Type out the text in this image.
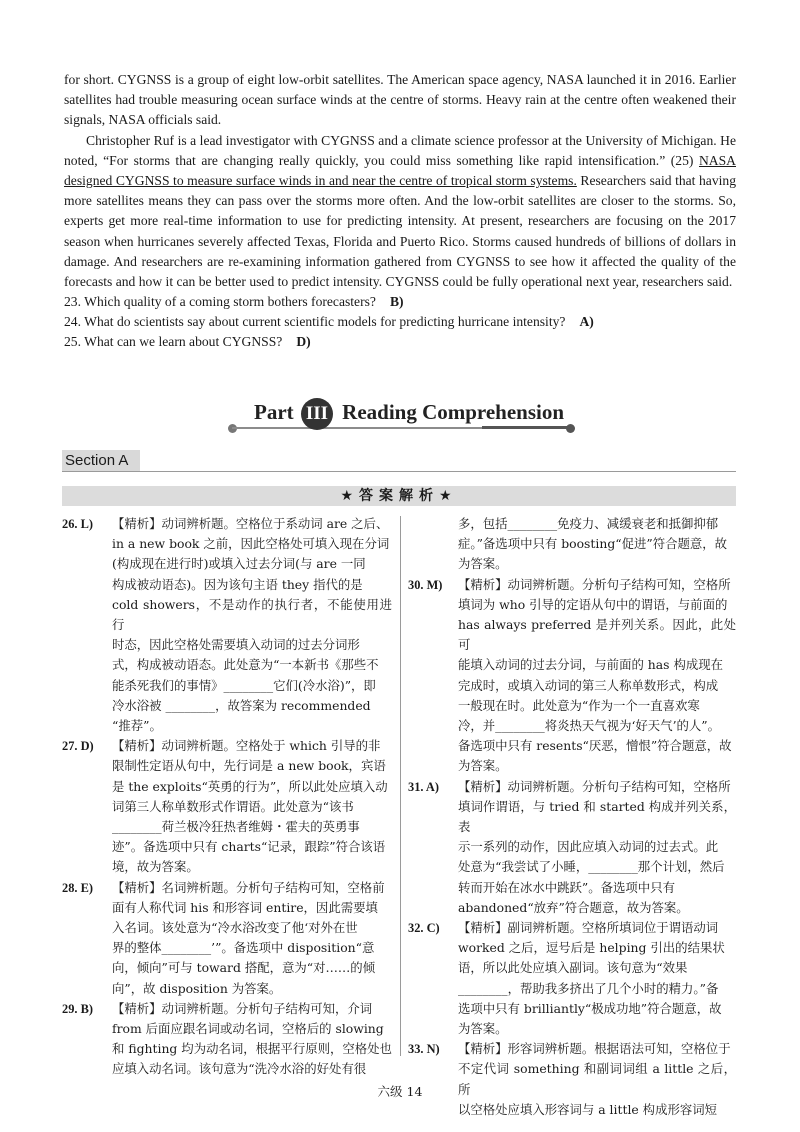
for short. CYGNSS is a group of eight low-orbit satellites. The American space agency, NASA launched it in 2016. Earlier satellites had trouble measuring ocean surface winds at the centre of storms. Heavy rain at the centre often weakened their signals, NASA officials said.

Christopher Ruf is a lead investigator with CYGNSS and a climate science professor at the University of Michigan. He noted, “For storms that are changing really quickly, you could miss something like rapid intensification.” (25) NASA designed CYGNSS to measure surface winds in and near the centre of tropical storm systems. Researchers said that having more satellites means they can pass over the storms more often. And the low-orbit satellites are closer to the storms. So, experts get more real-time information to use for predicting intensity. At present, researchers are focusing on the 2017 season when hurricanes severely affected Texas, Florida and Puerto Rico. Storms caused hundreds of billions of dollars in damage. And researchers are re-examining information gathered from CYGNSS to see how it affected the quality of the forecasts and how it can be better used to predict intensity. CYGNSS could be fully operational next year, researchers said.

23. Which quality of a coming storm bothers forecasters? B)
24. What do scientists say about current scientific models for predicting hurricane intensity? A)
25. What can we learn about CYGNSS? D)
Part III Reading Comprehension
Section A
★答案解析★
26. L) 【精析】动词辨析题。空格位于系动词 are 之后、
in a new book 之前，因此空格处可填入现在分词
(构成现在进行时)或填入过去分词(与 are 一同
构成被动语态)。因为该句主语 they 指代的是
cold showers，不是动作的执行者，不能使用进行
时态，因此空格处需要填入动词的过去分词形
式，构成被动语态。此处意为“一本新书《那些不
能杀死我们的事情》________它们(冷水浴)”，即
冷水浴被 ________，故答案为 recommended
“推荐”。
27. D) 【精析】动词辨析题。空格处于 which 引导的非
限制性定语从句中，先行词是 a new book，宾语
是 the exploits“英勇的行为”，所以此处应填入动
词第三人称单数形式作谓语。此处意为“该书
________荷兰极冷狂热者维姆・霍夫的英勇事
迹”。备选项中只有 charts“记录，跟踪”符合该语
境，故为答案。
28. E) 【精析】名词辨析题。分析句子结构可知，空格前
面有人称代词 his 和形容词 entire，因此需要填
入名词。该处意为“冷水浴改变了他‘对外在世
界的整体________’”。备选项中 disposition“意
向，倾向”可与 toward 搭配，意为“对……的倾
向”，故 disposition 为答案。
29. B) 【精析】动词辨析题。分析句子结构可知，介词
from 后面应跟名词或动名词，空格后的 slowing
和 fighting 均为动名词，根据平行原则，空格处也
应填入动名词。该句意为“洗冷水浴的好处有很
多，包括________免疫力、减缓衰老和抵御抑郁
症。”备选项中只有 boosting“促进”符合题意，故
为答案。
30. M) 【精析】动词辨析题。分析句子结构可知，空格所
填词为 who 引导的定语从句中的谓语，与前面的
has always preferred 是并列关系。因此，此处可
能填入动词的过去分词，与前面的 has 构成现在
完成时，或填入动词的第三人称单数形式，构成
一般现在时。此处意为“作为一个一直喜欢寒
冷，并________将炎热天气视为‘好天气’的人”。
备选项中只有 resents“厌恶，憎恨”符合题意，故
为答案。
31. A) 【精析】动词辨析题。分析句子结构可知，空格所
填词作谓语，与 tried 和 started 构成并列关系，表
示一系列的动作，因此应填入动词的过去式。此
处意为“我尝试了小睡，________那个计划，然后
转而开始在冰水中跳跃”。备选项中只有
abandoned“放弃”符合题意，故为答案。
32. C) 【精析】副词辨析题。空格所填词位于谓语动词
worked 之后，逗号后是 helping 引出的结果状
语，所以此处应填入副词。该句意为“效果
________，帮助我多挤出了几个小时的精力。”备
选项中只有 brilliantly“极成功地”符合题意，故
为答案。
33. N) 【精析】形容词辨析题。根据语法可知，空格位于
不定代词 something 和副词词组 a little 之后，所
以空格处应填入形容词与 a little 构成形容词短
六级 14
